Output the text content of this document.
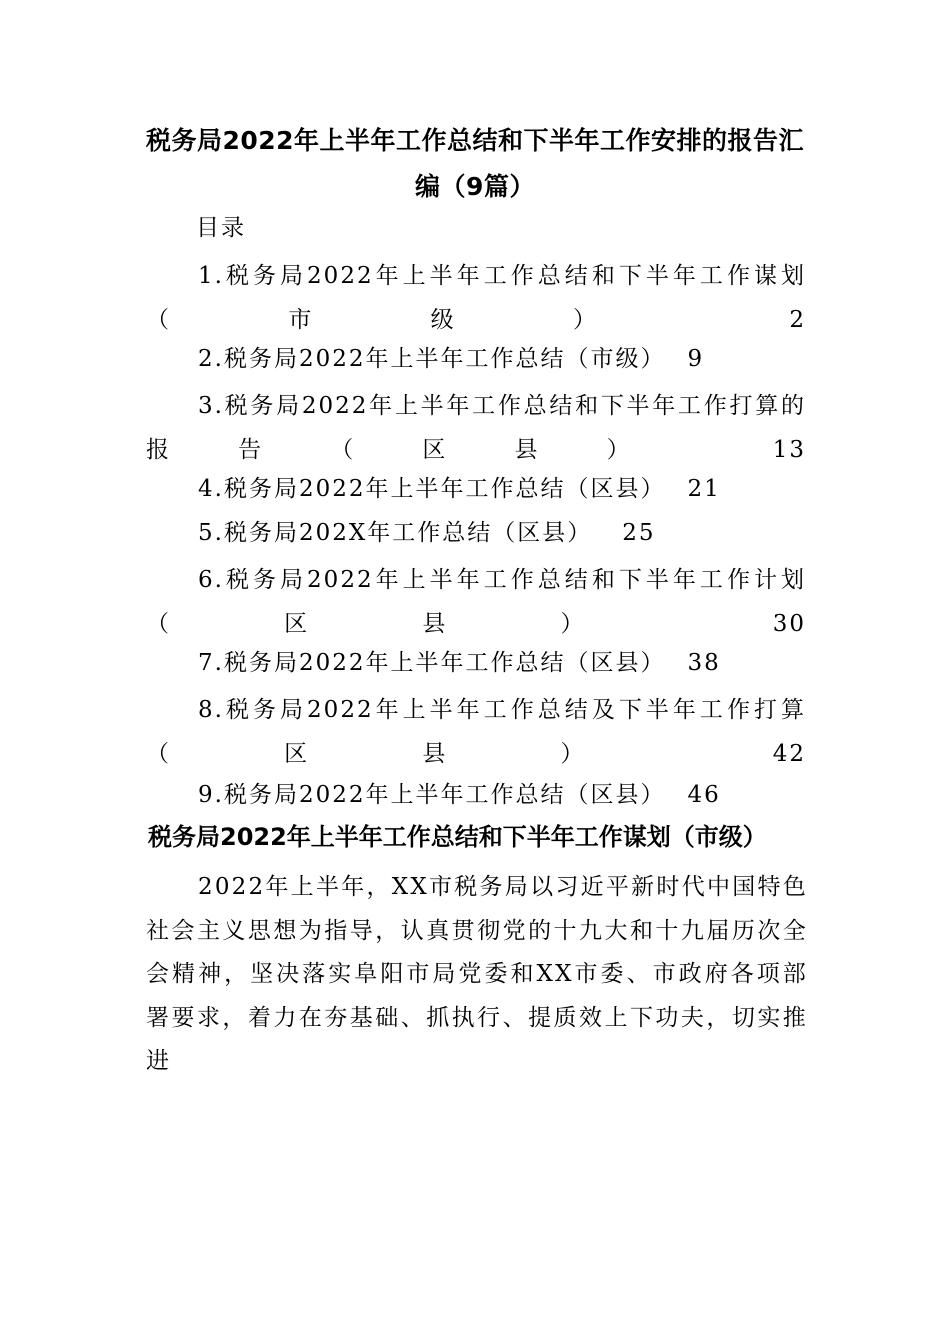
税务局2022年上半年工作总结和下半年工作安排的报告汇编（9篇）
目录
1.税务局2022年上半年工作总结和下半年工作谋划（市级）	2
2.税务局2022年上半年工作总结（市级） 9
3.税务局2022年上半年工作总结和下半年工作打算的报告（区县）	13
4.税务局2022年上半年工作总结（区县） 21
5.税务局202X年工作总结（区县） 25
6.税务局2022年上半年工作总结和下半年工作计划（区县）	30
7.税务局2022年上半年工作总结（区县） 38
8.税务局2022年上半年工作总结及下半年工作打算（区县）	42
9.税务局2022年上半年工作总结（区县） 46
税务局2022年上半年工作总结和下半年工作谋划（市级）

2022年上半年，XX市税务局以习近平新时代中国特色社会主义思想为指导，认真贯彻党的十九大和十九届历次全会精神，坚决落实阜阳市局党委和XX市委、市政府各项部署要求，着力在夯基础、抓执行、提质效上下功夫，切实推进
